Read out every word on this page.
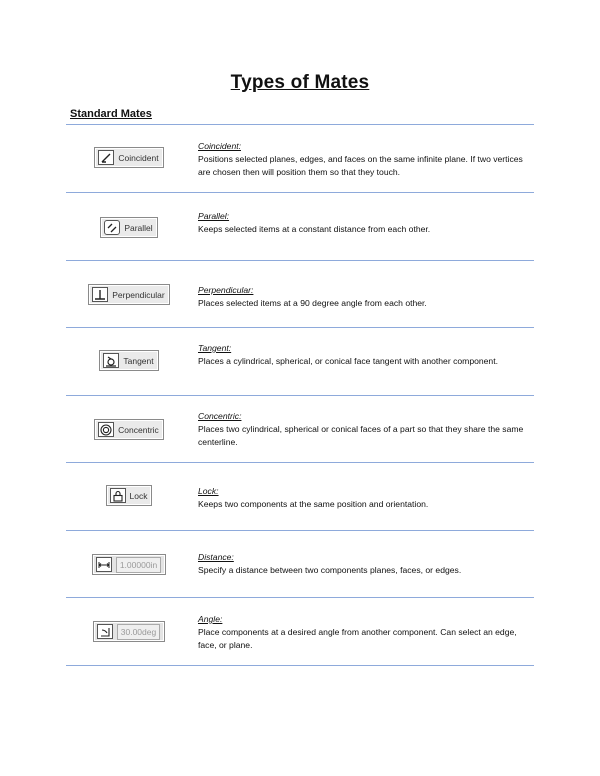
Types of Mates
Standard Mates
Coincident
Coincident:
Positions selected planes, edges, and faces on the same infinite plane. If two vertices are chosen then will position them so that they touch.
Parallel
Parallel:
Keeps selected items at a constant distance from each other.
Perpendicular	Perpendicular:
Places selected items at a 90 degree angle from each other.
Tangent
Tangent:
Places a cylindrical, spherical, or conical face tangent with another component.
Concentric
Concentric:
Places two cylindrical, spherical or conical faces of a part so that they share the same centerline.
Lock	Lock:
Keeps two components at the same position and orientation.
1.00000in
Distance:
Specify a distance between two components planes, faces, or edges.
30.00deg
Angle:
Place components at a desired angle from another component. Can select an edge, face, or plane.
